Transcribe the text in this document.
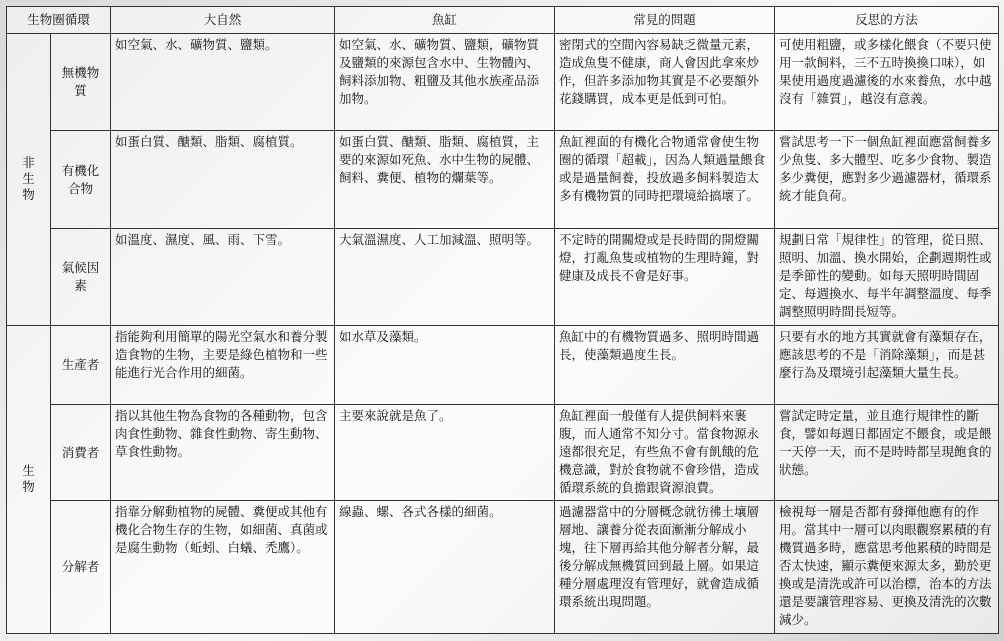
生物圈循環		大自然	魚缸	常見的問題	反思的方法
非生物	無機物質	如空氣、水、礦物質、鹽類。	如空氣、水、礦物質、鹽類，礦物質及鹽類的來源包含水中、生物體內、飼料添加物、粗鹽及其他水族產品添加物。	密閉式的空間內容易缺乏微量元素，造成魚隻不健康，商人會因此拿來炒作，但許多添加物其實是不必要額外花錢購買，成本更是低到可怕。	可使用粗鹽，或多樣化餵食（不要只使用一款飼料，三不五時換換口味），如果使用過度過濾後的水來養魚，水中越沒有「雜質」，越沒有意義。
	有機化合物	如蛋白質、醣類、脂類、腐植質。	如蛋白質、醣類、脂類、腐植質，主要的來源如死魚、水中生物的屍體、飼料、糞便、植物的爛葉等。	魚缸裡面的有機化合物通常會使生物圈的循環「超載」，因為人類過量餵食或是過量飼養，投放過多飼料製造太多有機物質的同時把環境給搞壞了。	嘗試思考一下一個魚缸裡面應當飼養多少魚隻、多大體型、吃多少食物、製造多少糞便，應對多少過濾器材，循環系統才能負荷。
	氣候因素	如溫度、濕度、風、雨、下雪。	大氣溫濕度、人工加減溫、照明等。	不定時的開關燈或是長時間的開燈關燈，打亂魚隻或植物的生理時鐘，對健康及成長不會是好事。	規劃日常「規律性」的管理，從日照、照明、加溫、換水開始，企劃週期性或是季節性的變動。如每天照明時間固定、每週換水、每半年調整溫度、每季調整照明時間長短等。
生物	生產者	指能夠利用簡單的陽光空氣水和養分製造食物的生物，主要是綠色植物和一些能進行光合作用的細菌。	如水草及藻類。	魚缸中的有機物質過多、照明時間過長，使藻類過度生長。	只要有水的地方其實就會有藻類存在，應該思考的不是「消除藻類」，而是甚麼行為及環境引起藻類大量生長。
	消費者	指以其他生物為食物的各種動物，包含肉食性動物、雜食性動物、寄生動物、草食性動物。	主要來說就是魚了。	魚缸裡面一般僅有人提供飼料來裹腹，而人通常不知分寸。當食物源永遠都很充足，有些魚不會有飢餓的危機意識，對於食物就不會珍惜，造成循環系統的負擔跟資源浪費。	嘗試定時定量，並且進行規律性的斷食，譬如每週日都固定不餵食，或是餵一天停一天，而不是時時都呈現飽食的狀態。
	分解者	指靠分解動植物的屍體、糞便或其他有機化合物生存的生物，如細菌、真菌或是腐生動物（蚯蚓、白蟻、禿鷹）。	線蟲、螺、各式各樣的細菌。	過濾器當中的分層概念就彷彿土壤層層地、讓養分從表面漸漸分解成小塊，往下層再給其他分解者分解，最後分解成無機質回到最上層。如果這種分層處理沒有管理好，就會造成循環系統出現問題。	檢視每一層是否都有發揮他應有的作用。當其中一層可以肉眼觀察累積的有機質過多時，應當思考他累積的時間是否太快速，顯示糞便來源太多，勤於更換或是清洗或許可以治標，治本的方法還是要讓管理容易、更換及清洗的次數減少。
